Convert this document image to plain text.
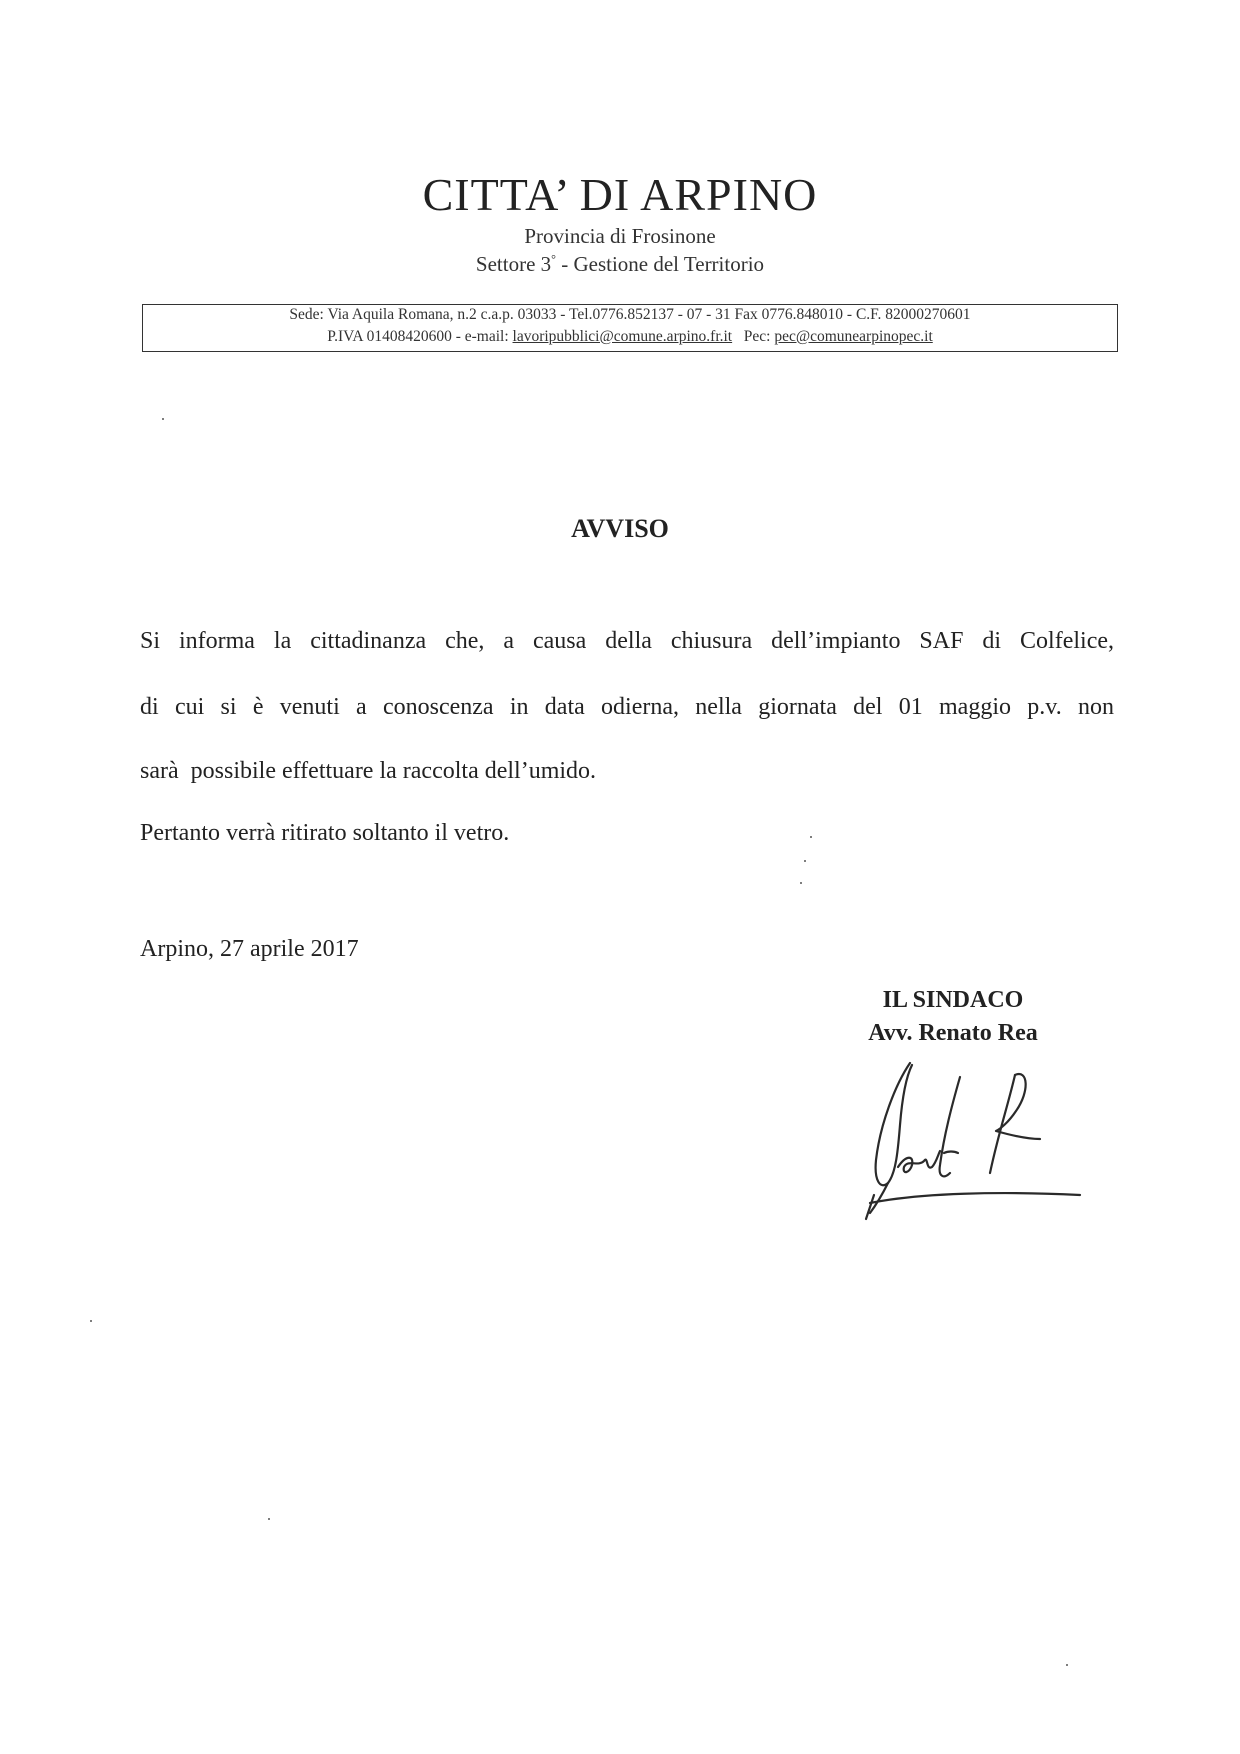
CITTA’ DI ARPINO
Provincia di Frosinone
Settore 3° - Gestione del Territorio
Sede: Via Aquila Romana, n.2 c.a.p. 03033 - Tel.0776.852137 - 07 - 31 Fax 0776.848010 - C.F. 82000270601
P.IVA 01408420600 - e-mail: lavoripubblici@comune.arpino.fr.it   Pec: pec@comunearpinopec.it
AVVISO
Si informa la cittadinanza che, a causa della chiusura dell’impianto SAF di Colfelice,
di cui si è venuti a conoscenza in data odierna, nella giornata del 01 maggio p.v. non
sarà  possibile effettuare la raccolta dell’umido.
Pertanto verrà ritirato soltanto il vetro.
Arpino, 27 aprile 2017
IL SINDACO
Avv. Renato Rea
